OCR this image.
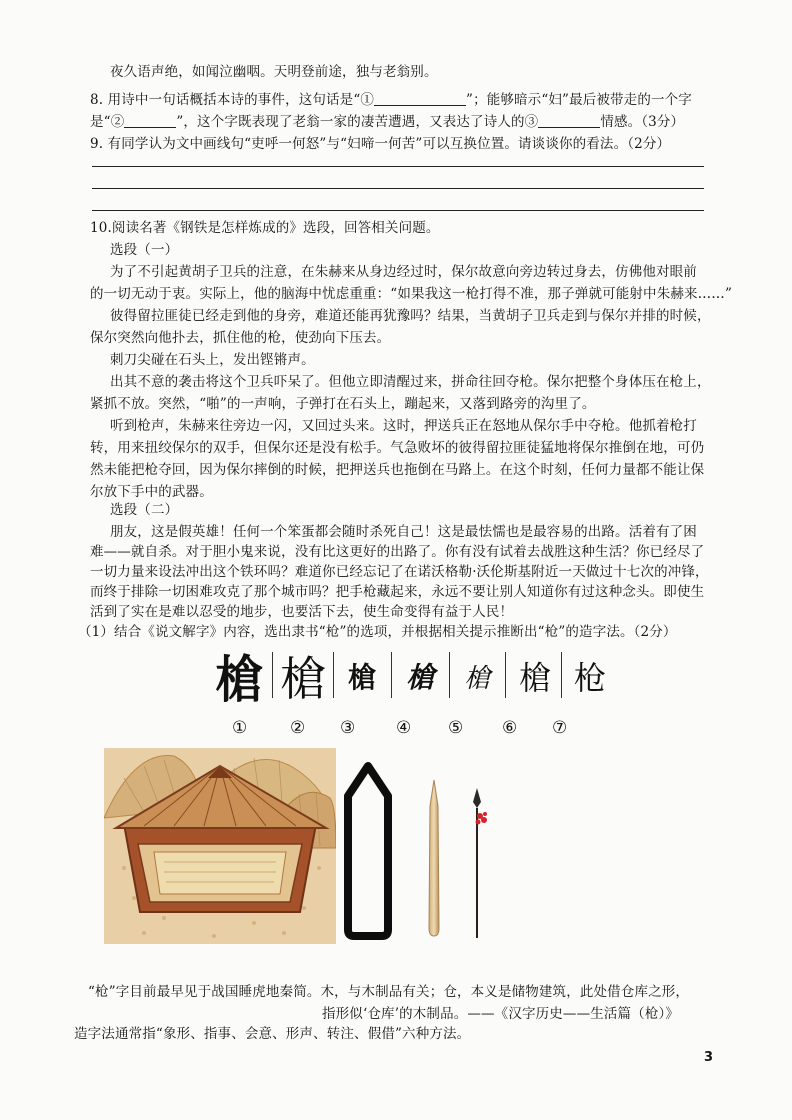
夜久语声绝，如闻泣幽咽。天明登前途，独与老翁别。

8. 用诗中一句话概括本诗的事件，这句话是“①	”；能够暗示“妇”最后被带走的一个字

是“②	”，这个字既表现了老翁一家的凄苦遭遇，又表达了诗人的③	情感。（3分）

9. 有同学认为文中画线句“吏呼一何怒”与“妇啼一何苦”可以互换位置。请谈谈你的看法。（2分）

10.阅读名著《钢铁是怎样炼成的》选段，回答相关问题。

选段（一）

为了不引起黄胡子卫兵的注意，在朱赫来从身边经过时，保尔故意向旁边转过身去，仿佛他对眼前

的一切无动于衷。实际上，他的脑海中忧虑重重：“如果我这一枪打得不准，那子弹就可能射中朱赫来……”

彼得留拉匪徒已经走到他的身旁，难道还能再犹豫吗？结果，当黄胡子卫兵走到与保尔并排的时候，

保尔突然向他扑去，抓住他的枪，使劲向下压去。

刺刀尖碰在石头上，发出铿锵声。

出其不意的袭击将这个卫兵吓呆了。但他立即清醒过来，拼命往回夺枪。保尔把整个身体压在枪上，

紧抓不放。突然，“啪”的一声响，子弹打在石头上，蹦起来，又落到路旁的沟里了。

听到枪声，朱赫来往旁边一闪，又回过头来。这时，押送兵正在怒地从保尔手中夺枪。他抓着枪打

转，用来扭绞保尔的双手，但保尔还是没有松手。气急败坏的彼得留拉匪徒猛地将保尔推倒在地，可仍

然未能把枪夺回，因为保尔摔倒的时候，把押送兵也拖倒在马路上。在这个时刻，任何力量都不能让保

尔放下手中的武器。

选段（二）

朋友，这是假英雄！任何一个笨蛋都会随时杀死自己！这是最怯懦也是最容易的出路。活着有了困

难——就自杀。对于胆小鬼来说，没有比这更好的出路了。你有没有试着去战胜这种生活？你已经尽了

一切力量来设法冲出这个铁环吗？难道你已经忘记了在诺沃格勒·沃伦斯基附近一天做过十七次的冲锋，

而终于排除一切困难攻克了那个城市吗？把手枪藏起来，永远不要让别人知道你有过这种念头。即使生

活到了实在是难以忍受的地步，也要活下去，使生命变得有益于人民！

槍 槍 槍	槍	槍 槍 枪
①	② ③ ④ ⑤ ⑥ ⑦

“枪”字目前最早见于战国睡虎地秦简。木，与木制品有关；仓，本义是储物建筑，此处借仓库之形，

指形似‘仓库’的木制品。——《汉字历史——生活篇（枪）》

造字法通常指“象形、指事、会意、形声、转注、假借”六种方法。

3

（1）结合《说文解字》内容，选出隶书“枪”的选项，并根据相关提示推断出“枪”的造字法。（2分）
